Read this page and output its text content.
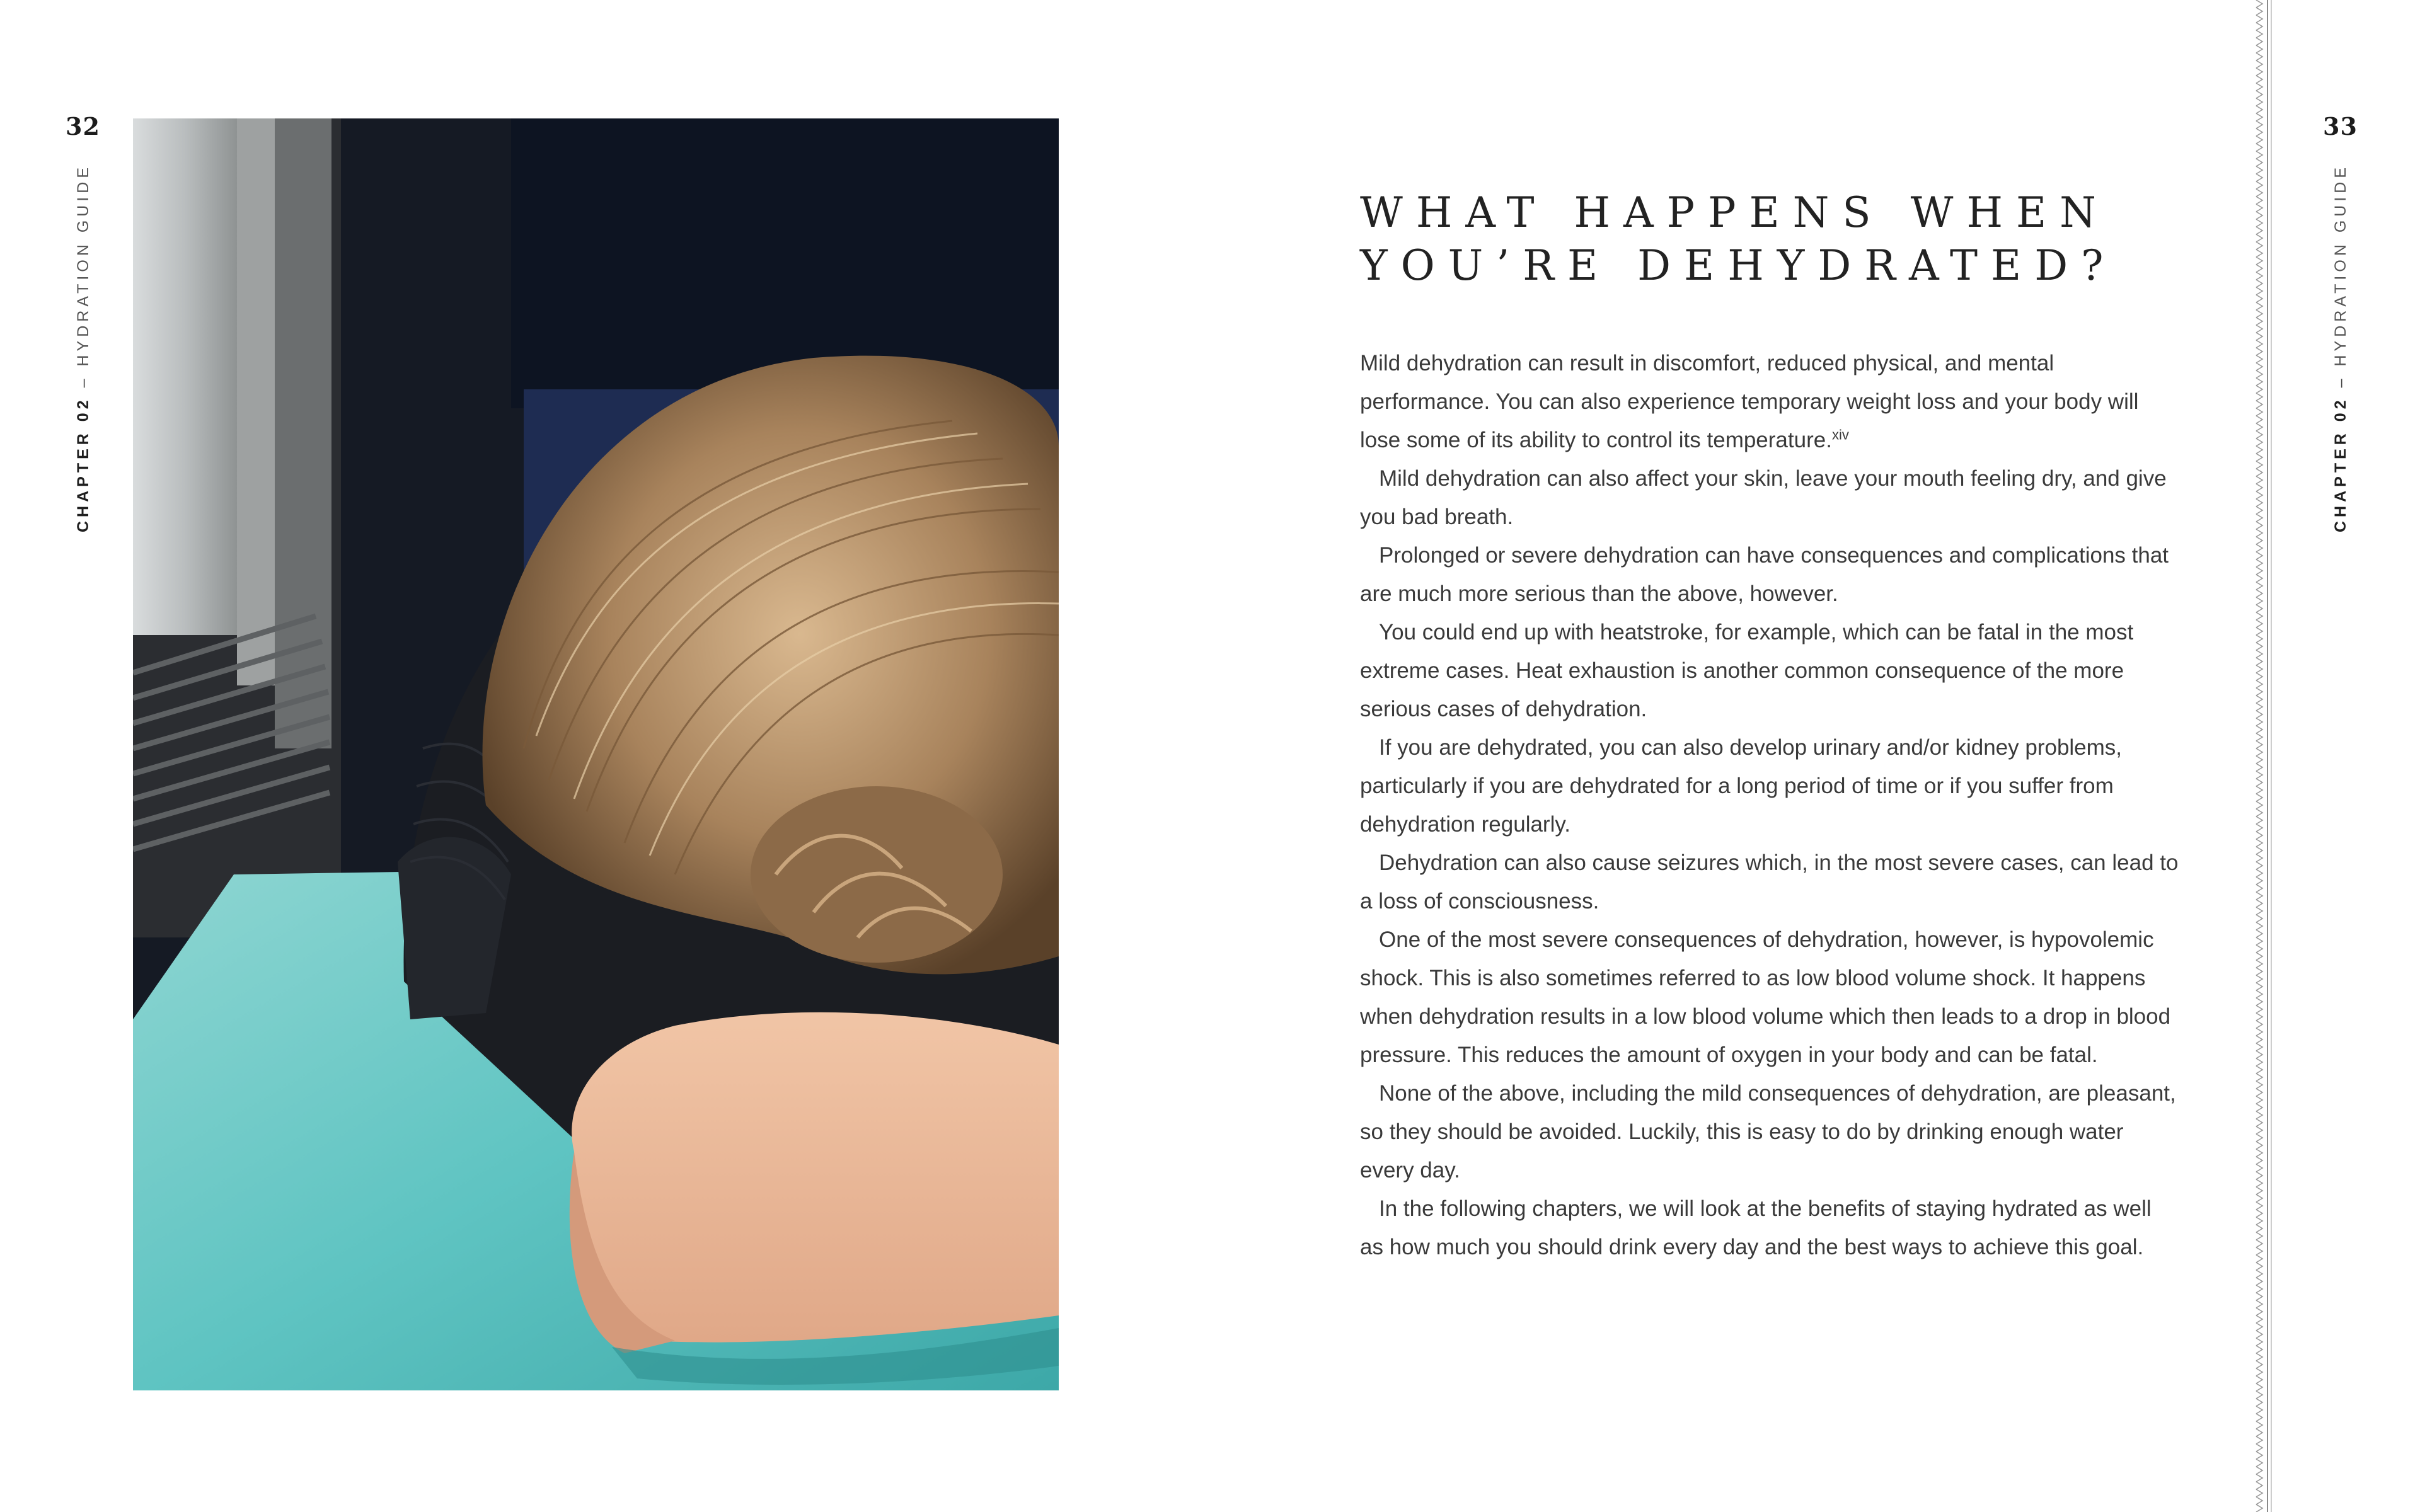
32
CHAPTER 02
–
HYDRATION GUIDE
33
CHAPTER 02
–
HYDRATION GUIDE
WHAT HAPPENS WHEN
YOU’RE DEHYDRATED?

Mild dehydration can result in discomfort, reduced physical, and mental performance. You can also experience temporary weight loss and your body will lose some of its ability to control its temperature.$^{xiv}$

Mild dehydration can also affect your skin, leave your mouth feeling dry, and give you bad breath.

Prolonged or severe dehydration can have consequences and complications that are much more serious than the above, however.

You could end up with heatstroke, for example, which can be fatal in the most extreme cases. Heat exhaustion is another common consequence of the more serious cases of dehydration.

If you are dehydrated, you can also develop urinary and/or kidney problems, particularly if you are dehydrated for a long period of time or if you suffer from dehydration regularly.

Dehydration can also cause seizures which, in the most severe cases, can lead to a loss of consciousness.

One of the most severe consequences of dehydration, however, is hypovolemic shock. This is also sometimes referred to as low blood volume shock. It happens when dehydration results in a low blood volume which then leads to a drop in blood pressure. This reduces the amount of oxygen in your body and can be fatal.

None of the above, including the mild consequences of dehydration, are pleasant, so they should be avoided. Luckily, this is easy to do by drinking enough water every day.

In the following chapters, we will look at the benefits of staying hydrated as well as how much you should drink every day and the best ways to achieve this goal.
